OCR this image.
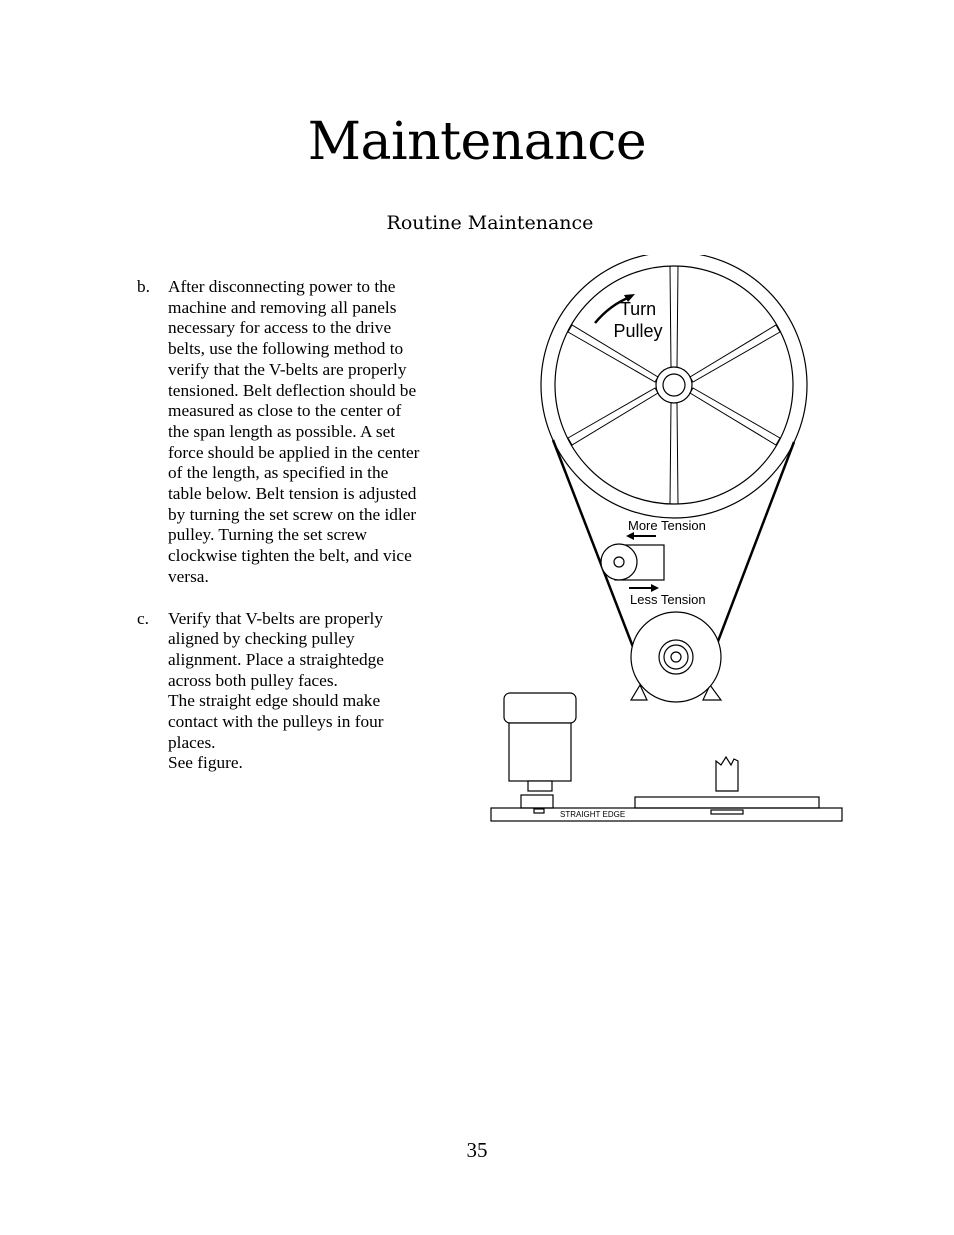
Maintenance
Routine Maintenance
b.	After disconnecting power to the
machine and removing all panels
necessary for access to the drive
belts, use the following method to
verify that the V-belts are properly
tensioned. Belt deflection should be
measured as close to the center of
the span length as possible. A set
force should be applied in the center
of the length, as specified in the
table below. Belt tension is adjusted
by turning the set screw on the idler
pulley. Turning the set screw
clockwise tighten the belt, and vice
versa.
c.	Verify that V-belts are properly
aligned by checking pulley
alignment. Place a straightedge
across both pulley faces.
The straight edge should make
contact with the pulleys in four
places.
See figure.
Turn
Pulley
More Tension
Less Tension
STRAIGHT EDGE
35
